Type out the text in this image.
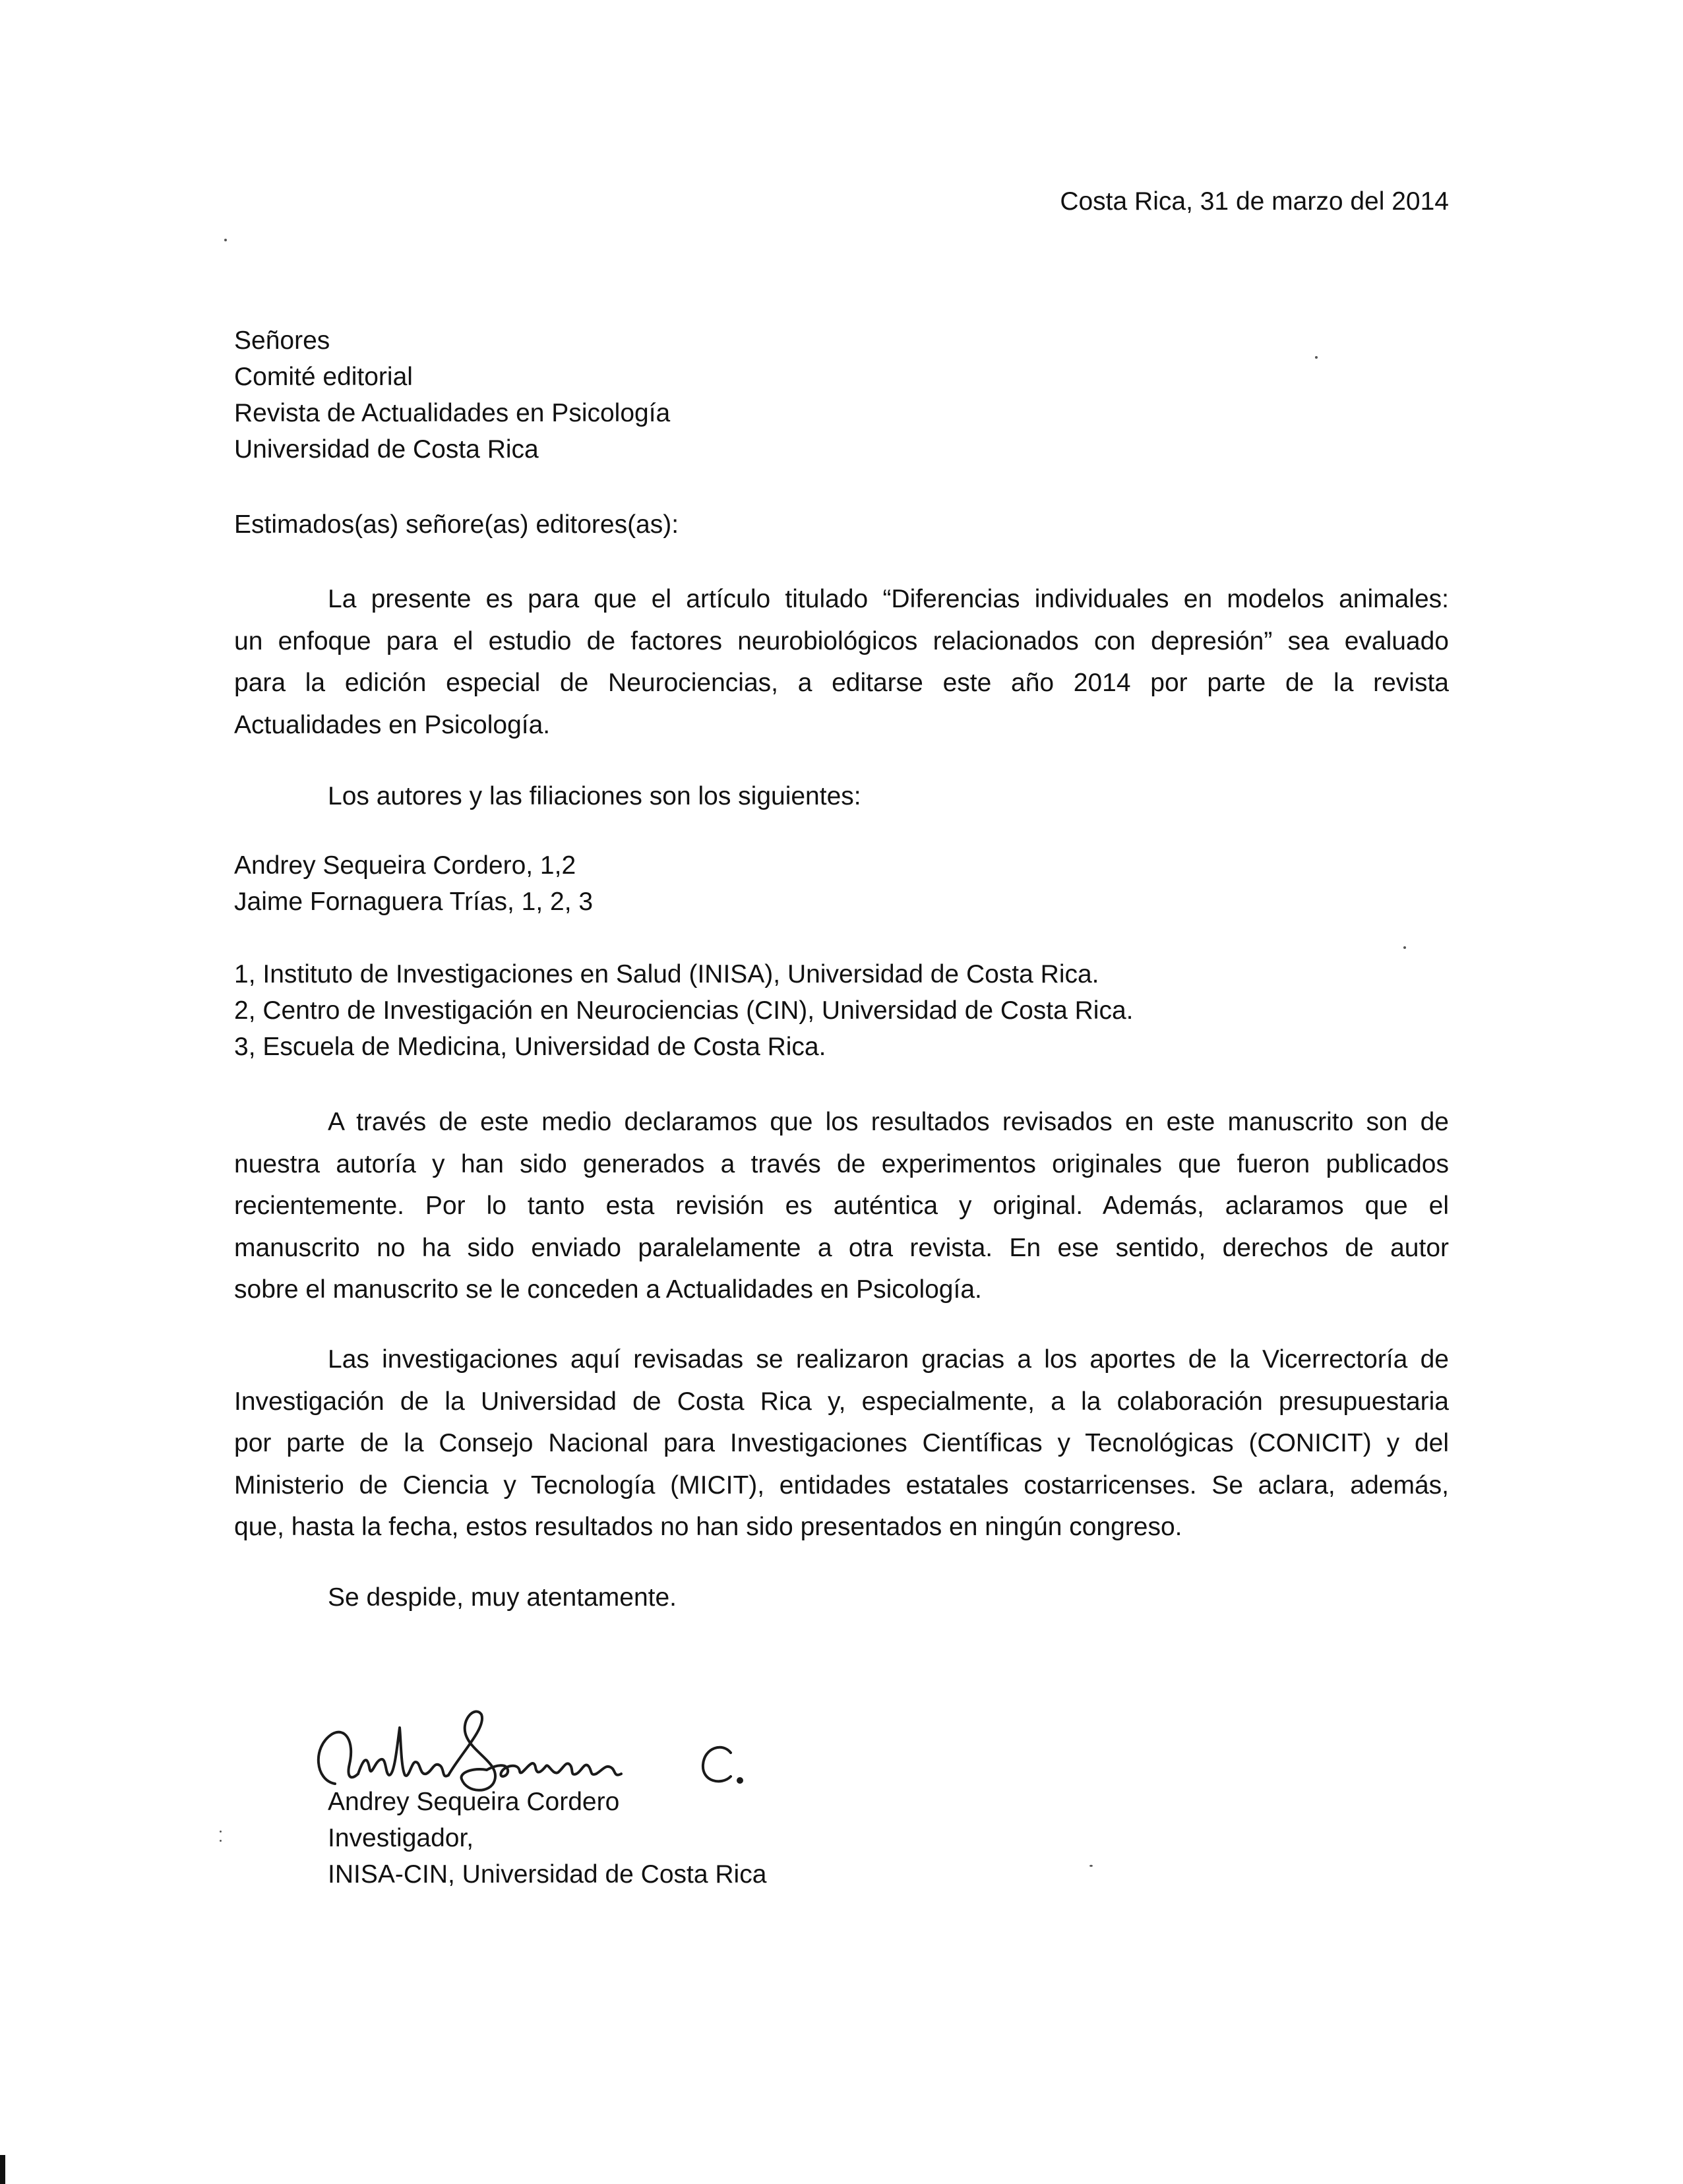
Costa Rica, 31 de marzo del 2014
Señores
Comité editorial
Revista de Actualidades en Psicología
Universidad de Costa Rica
Estimados(as) señore(as) editores(as):
La presente es para que el artículo titulado “Diferencias individuales en modelos animales:
un enfoque para el estudio de factores neurobiológicos relacionados con depresión” sea evaluado
para la edición especial de Neurociencias, a editarse este año 2014 por parte de la revista
Actualidades en Psicología.
Los autores y las filiaciones son los siguientes:
Andrey Sequeira Cordero, 1,2
Jaime Fornaguera Trías, 1, 2, 3
1, Instituto de Investigaciones en Salud (INISA), Universidad de Costa Rica.
2, Centro de Investigación en Neurociencias (CIN), Universidad de Costa Rica.
3, Escuela de Medicina, Universidad de Costa Rica.
A través de este medio declaramos que los resultados revisados en este manuscrito son de
nuestra autoría y han sido generados a través de experimentos originales que fueron publicados
recientemente. Por lo tanto esta revisión es auténtica y original. Además, aclaramos que el
manuscrito no ha sido enviado paralelamente a otra revista. En ese sentido, derechos de autor
sobre el manuscrito se le conceden a Actualidades en Psicología.
Las investigaciones aquí revisadas se realizaron gracias a los aportes de la Vicerrectoría de
Investigación de la Universidad de Costa Rica y, especialmente, a la colaboración presupuestaria
por parte de la Consejo Nacional para Investigaciones Científicas y Tecnológicas (CONICIT) y del
Ministerio de Ciencia y Tecnología (MICIT), entidades estatales costarricenses. Se aclara, además,
que, hasta la fecha, estos resultados no han sido presentados en ningún congreso.
Se despide, muy atentamente.
Andrey Sequeira Cordero
Investigador,
INISA-CIN, Universidad de Costa Rica
